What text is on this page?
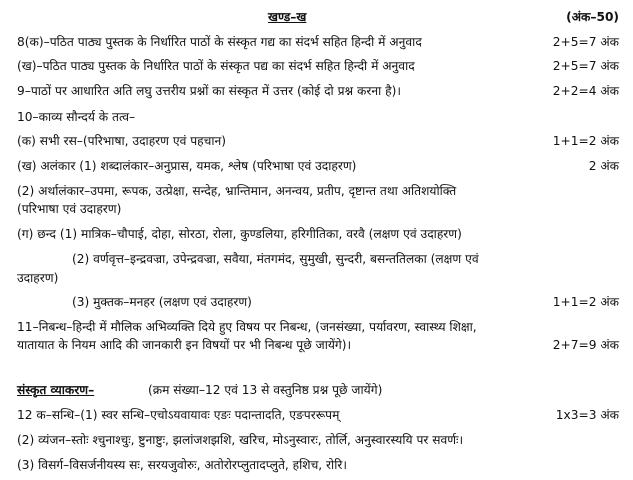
खण्ड–ख	(अंक–50)
8(क)–पठित पाठ्य पुस्तक के निर्धारित पाठों के संस्कृत गद्य का संदर्भ सहित हिन्दी में अनुवाद	2+5=7 अंक
(ख)–पठित पाठ्य पुस्तक के निर्धारित पाठों के संस्कृत पद्य का संदर्भ सहित हिन्दी में अनुवाद	2+5=7 अंक
9–पाठों पर आधारित अति लघु उत्तरीय प्रश्नों का संस्कृत में उत्तर (कोई दो प्रश्न करना है)।	2+2=4 अंक
10–काव्य सौन्दर्य के तत्व–
(क) सभी रस–(परिभाषा, उदाहरण एवं पहचान)	1+1=2 अंक
(ख) अलंकार (1) शब्दालंकार–अनुप्रास, यमक, श्लेष (परिभाषा एवं उदाहरण)	2 अंक
(2) अर्थालंकार–उपमा, रूपक, उत्प्रेक्षा, सन्देह, भ्रान्तिमान, अनन्वय, प्रतीप, दृष्टान्त तथा अतिशयोक्ति
(परिभाषा एवं उदाहरण)
(ग) छन्द (1) मात्रिक–चौपाई, दोहा, सोरठा, रोला, कुण्डलिया, हरिगीतिका, वरवै (लक्षण एवं उदाहरण)
(2) वर्णवृत्त–इन्द्रवज्रा, उपेन्द्रवज्रा, सवैया, मंतगमंद, सुमुखी, सुन्दरी, बसन्ततिलका (लक्षण एवं
उदाहरण)
(3) मुक्तक–मनहर (लक्षण एवं उदाहरण)	1+1=2 अंक
11–निबन्ध–हिन्दी में मौलिक अभिव्यक्ति दिये हुए विषय पर निबन्ध, (जनसंख्या, पर्यावरण, स्वास्थ्य शिक्षा,
यातायात के नियम आदि की जानकारी इन विषयों पर भी निबन्ध पूछे जायेंगे)।	2+7=9 अंक
संस्कृत व्याकरण–	(क्रम संख्या–12 एवं 13 से वस्तुनिष्ठ प्रश्न पूछे जायेंगे)
12 क–सन्धि–(1) स्वर सन्धि–एचोऽयवायावः एङः पदान्तादति, एङपररूपम्	1x3=3 अंक
(2) व्यंजन–स्तोः श्चुनाश्चुः, ष्टुनाष्टुः, झलांजशझशि, खरिच, मोऽनुस्वारः, तोर्लि, अनुस्वारस्ययि पर सवर्णः।
(3) विसर्ग–विसर्जनीयस्य सः, सरयजुवोरुः, अतोरोरप्लुतादप्लुते, हशिच, रोरि।
